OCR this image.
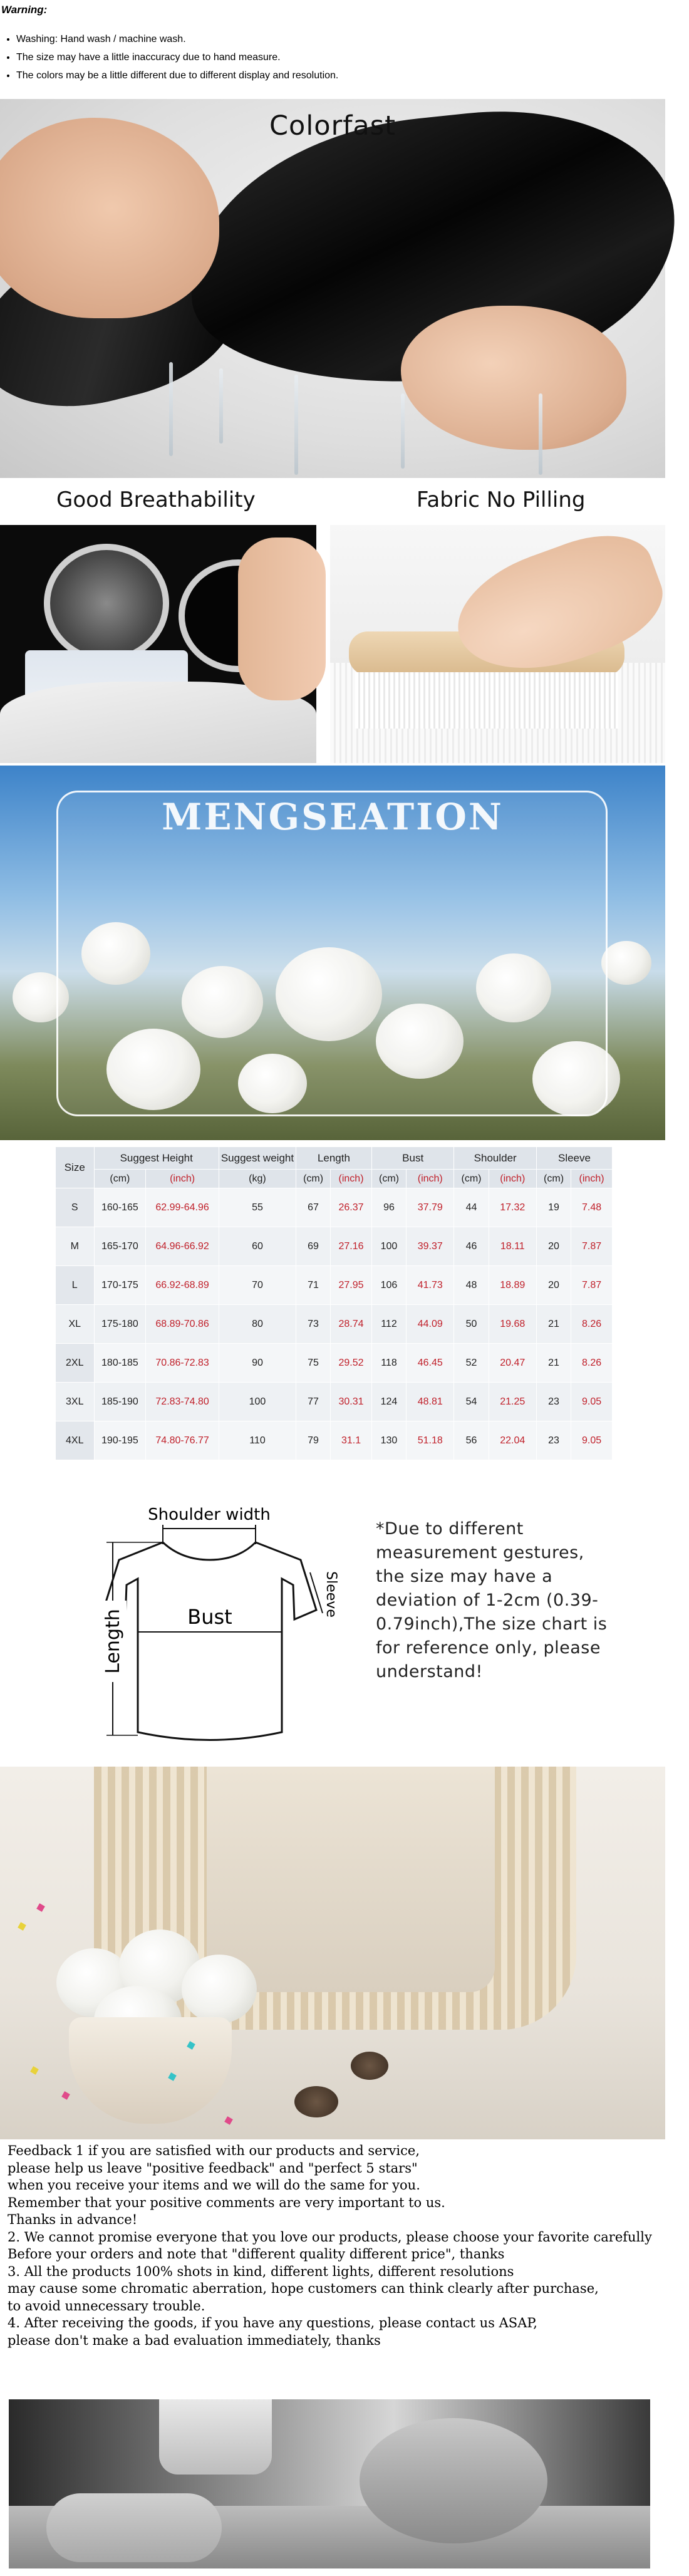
Warning:
• Washing: Hand wash / machine wash.
• The size may have a little inaccuracy due to hand measure.
• The colors may be a little different due to different display and resolution.
Colorfast
Good Breathability	Fabric No Pilling
MENGSEATION
Size	Suggest Height		Suggest weight	Length		Bust		Shoulder		Sleeve	
	(cm)	(inch)	(kg)	(cm)	(inch)	(cm)	(inch)	(cm)	(inch)	(cm)	(inch)
S	160-165	62.99-64.96	55	67	26.37	96	37.79	44	17.32	19	7.48
M	165-170	64.96-66.92	60	69	27.16	100	39.37	46	18.11	20	7.87
L	170-175	66.92-68.89	70	71	27.95	106	41.73	48	18.89	20	7.87
XL	175-180	68.89-70.86	80	73	28.74	112	44.09	50	19.68	21	8.26
2XL	180-185	70.86-72.83	90	75	29.52	118	46.45	52	20.47	21	8.26
3XL	185-190	72.83-74.80	100	77	30.31	124	48.81	54	21.25	23	9.05
4XL	190-195	74.80-76.77	110	79	31.1	130	51.18	56	22.04	23	9.05
Shoulder width
Bust	Sleeve
Length
*Due to different measurement gestures, the size may have a deviation of 1-2cm (0.39-0.79inch),The size chart is for reference only, please understand!
Feedback 1 if you are satisfied with our products and service,
please help us leave "positive feedback" and "perfect 5 stars"
when you receive your items and we will do the same for you.
Remember that your positive comments are very important to us.
Thanks in advance!
2. We cannot promise everyone that you love our products, please choose your favorite carefully
Before your orders and note that "different quality different price", thanks
3. All the products 100% shots in kind, different lights, different resolutions
may cause some chromatic aberration, hope customers can think clearly after purchase,
to avoid unnecessary trouble.
4. After receiving the goods, if you have any questions, please contact us ASAP,
please don't make a bad evaluation immediately, thanks
